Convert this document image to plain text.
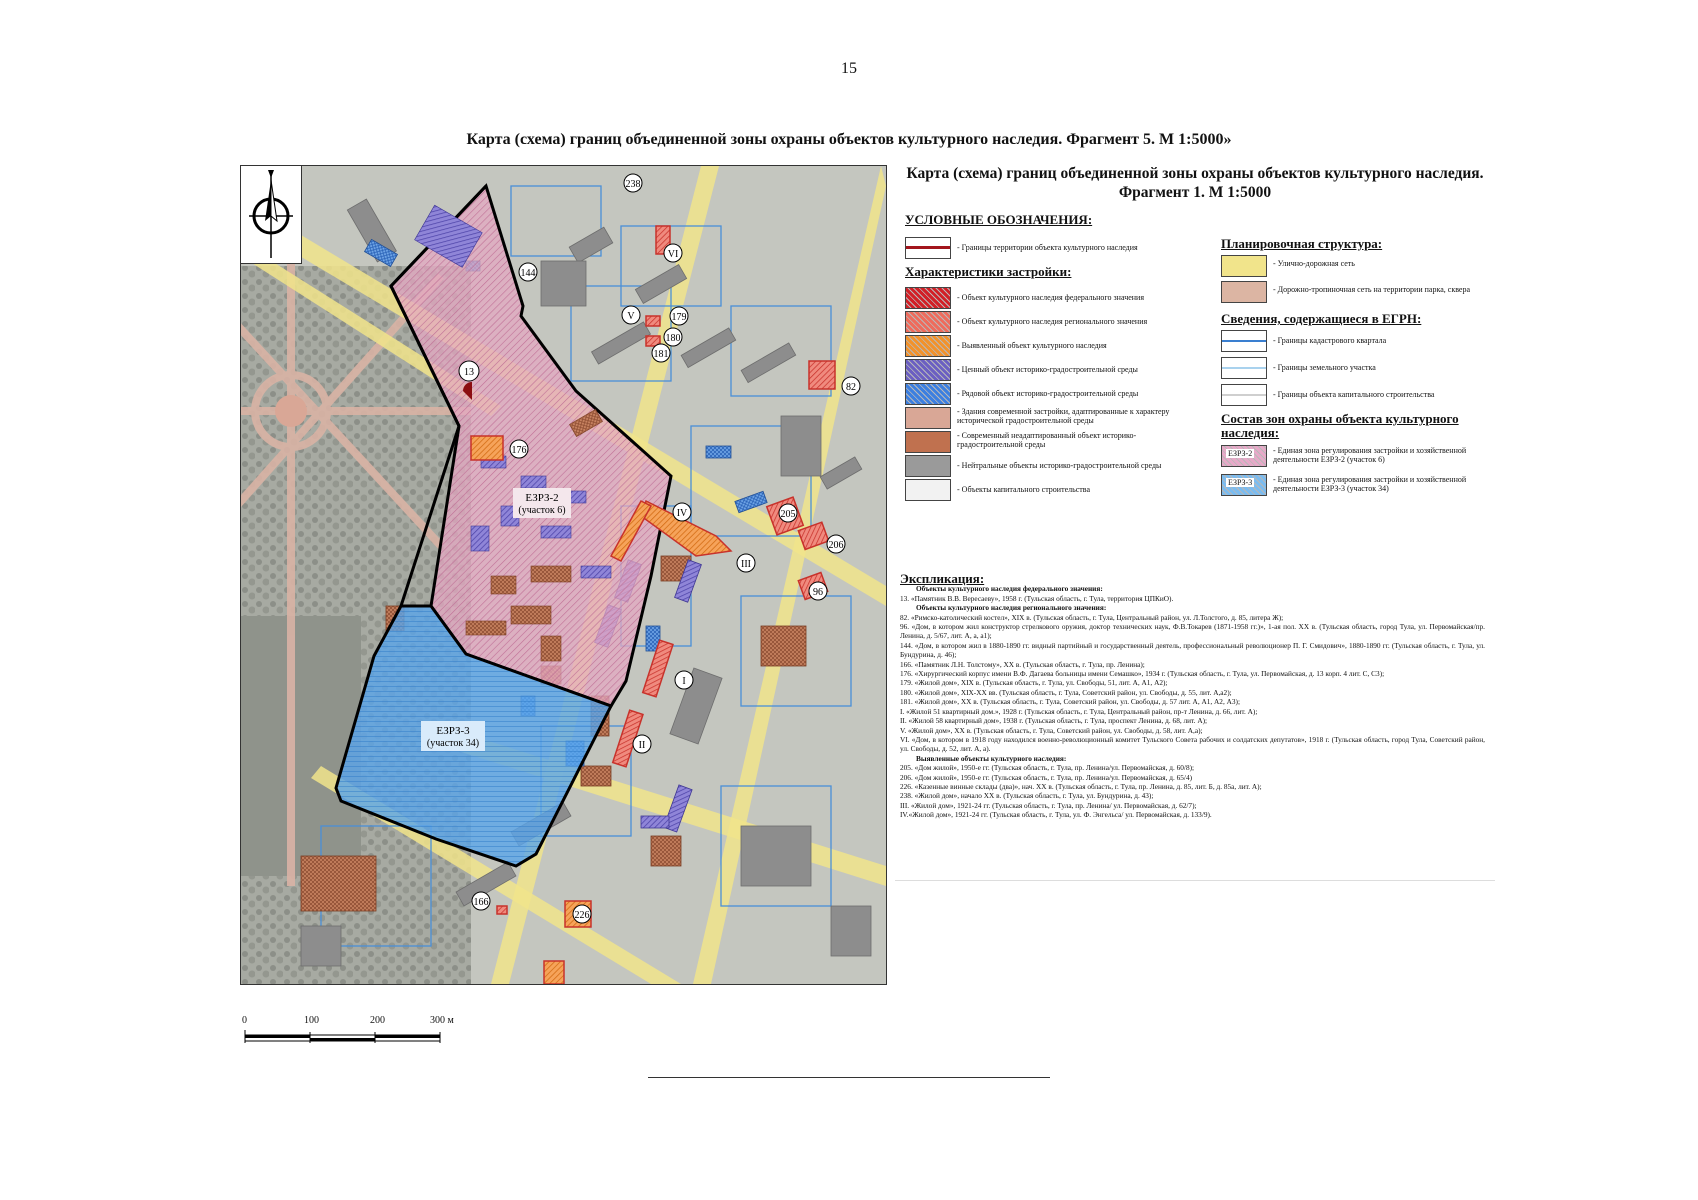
15
Карта (схема) границ объединенной зоны охраны объектов культурного наследия. Фрагмент 5. М 1:5000»
ЕЗРЗ-2
(участок 6)
ЕЗРЗ-3
(участок 34)
238
VI
144
V	179
180
181
13
82
176
IV	205
206
III
96
I
II
166
226
0	100	200	300 м
Карта (схема) границ объединенной зоны охраны объектов культурного наследия. Фрагмент 1. М 1:5000
УСЛОВНЫЕ ОБОЗНАЧЕНИЯ:
- Границы территории объекта культурного наследия
Характеристики застройки:
- Объект культурного наследия федерального значения
- Объект культурного наследия регионального значения
- Выявленный объект культурного наследия
- Ценный объект историко-градостроительной среды
- Рядовой объект историко-градостроительной среды
- Здания современной застройки, адаптированные к характеру исторической градостроительной среды
- Современный неадаптированный объект историко-градостроительной среды
- Нейтральные объекты историко-градостроительной среды
- Объекты капитального строительства
Планировочная структура:
- Улично-дорожная сеть
- Дорожно-тропиночная сеть на территории парка, сквера
Сведения, содержащиеся в ЕГРН:
- Границы кадастрового квартала
- Границы земельного участка
- Границы объекта капитального строительства
Состав зон охраны объекта культурного наследия:
ЕЗРЗ-2	- Единая зона регулирования застройки и хозяйственной деятельности ЕЗРЗ-2 (участок 6)
ЕЗРЗ-3	- Единая зона регулирования застройки и хозяйственной деятельности ЕЗРЗ-3 (участок 34)
Экспликация:
Объекты культурного наследия федерального значения:
13. «Памятник В.В. Вересаеву», 1958 г. (Тульская область, г. Тула, территория ЦПКиО).
Объекты культурного наследия регионального значения:
82. «Римско-католический костел», XIX в. (Тульская область, г. Тула, Центральный район, ул. Л.Толстого, д. 85, литера Ж);
96. «Дом, в котором жил конструктор стрелкового оружия, доктор технических наук, Ф.В.Токарев (1871-1958 гг.)», 1-ая пол. XX в. (Тульская область, город Тула, ул. Первомайская/пр. Ленина, д. 5/67, лит. А, а, а1);
144. «Дом, в котором жил в 1880-1890 гг. видный партийный и государственный деятель, профессиональный революционер П. Г. Смидович», 1880-1890 гг. (Тульская область, г. Тула, ул. Бундурина, д. 46);
166. «Памятник Л.Н. Толстому», XX в. (Тульская область, г. Тула, пр. Ленина);
176. «Хирургический корпус имени В.Ф. Дагаева больницы имени Семашко», 1934 г. (Тульская область, г. Тула, ул. Первомайская, д. 13 корп. 4 лит. С, С3);
179. «Жилой дом», XIX в. (Тульская область, г. Тула, ул. Свободы, 51, лит. А, А1, А2);
180. «Жилой дом», XIX-XX вв. (Тульская область, г. Тула, Советский район, ул. Свободы, д. 55, лит. А,а2);
181. «Жилой дом», XX в. (Тульская область, г. Тула, Советский район, ул. Свободы, д. 57 лит. А, А1, А2, А3);
I. «Жилой 51 квартирный дом.», 1928 г. (Тульская область, г. Тула, Центральный район, пр-т Ленина, д. 66, лит. А);
II. «Жилой 58 квартирный дом», 1938 г. (Тульская область, г. Тула, проспект Ленина, д. 68, лит. А);
V. «Жилой дом», XX в. (Тульская область, г. Тула, Советский район, ул. Свободы, д. 58, лит. А,а);
VI. «Дом, в котором в 1918 году находился военно-революционный комитет Тульского Совета рабочих и солдатских депутатов», 1918 г. (Тульская область, город Тула, Советский район, ул. Свободы, д. 52, лит. А, а).
Выявленные объекты культурного наследия:
205. «Дом жилой», 1950-е гг. (Тульская область, г. Тула, пр. Ленина/ул. Первомайская, д. 60/8);
206. «Дом жилой», 1950-е гг. (Тульская область, г. Тула, пр. Ленина/ул. Первомайская, д. 65/4)
226. «Казенные винные склады (два)», нач. XX в. (Тульская область, г. Тула, пр. Ленина, д. 85, лит. Б, д. 85а, лит. А);
238. «Жилой дом», начало XX в. (Тульская область, г. Тула, ул. Бундурина, д. 43);
III. «Жилой дом», 1921-24 гг. (Тульская область, г. Тула, пр. Ленина/ ул. Первомайская, д. 62/7);
IV.«Жилой дом», 1921-24 гг. (Тульская область, г. Тула, ул. Ф. Энгельса/ ул. Первомайская, д. 133/9).
